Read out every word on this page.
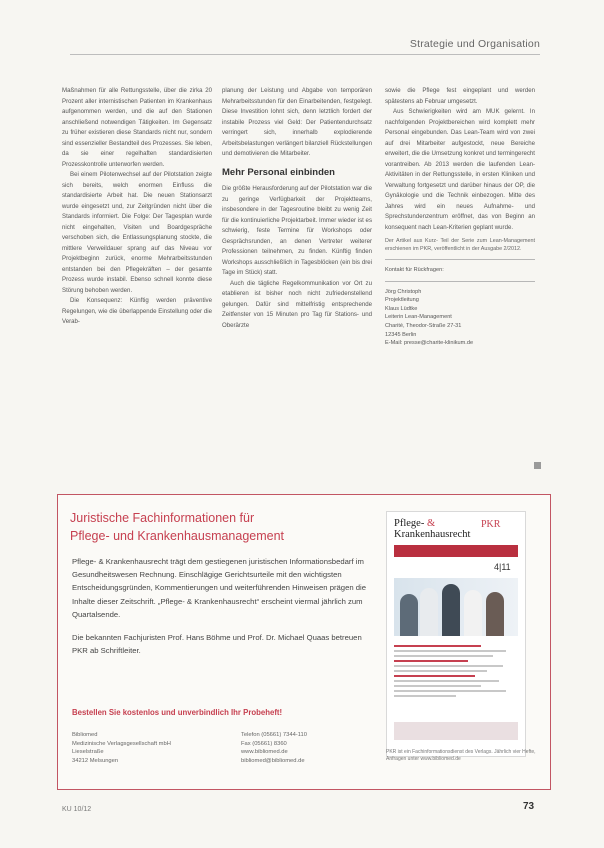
Strategie und Organisation

Maßnahmen für alle Rettungsstelle, über die zirka 20 Prozent aller internistischen Patienten im Krankenhaus aufgenommen werden, und die auf den Stationen anschließend notwendigen Tätigkeiten. Im Gegensatz zu früher existieren diese Standards nicht nur, sondern sind essenzieller Bestandteil des Prozesses. Sie leben, da sie einer regelhaften standardisierten Prozesskontrolle unterworfen werden.

Bei einem Pilotenwechsel auf der Pilotstation zeigte sich bereits, welch enormen Einfluss die standardisierte Arbeit hat. Die neuen Stationsarzt wurde eingesetzt und, zur Zeitgründen nicht über die Standards informiert. Die Folge: Der Tagesplan wurde nicht eingehalten, Visiten und Boardgespräche verschoben sich, die Entlassungsplanung stockte, die mittlere Verweildauer sprang auf das Niveau vor Projektbeginn zurück, enorme Mehrarbeitsstunden entstanden bei den Pflegekräften – der gesamte Prozess wurde instabil. Ebenso schnell konnte diese Störung behoben werden.

Die Konsequenz: Künftig werden präventive Regelungen, wie die überlappende Einstellung oder die Verab-

planung der Leistung und Abgabe von temporären Mehrarbeitsstunden für den Einarbeitenden, festgelegt. Diese Investition lohnt sich, denn letztlich fordert der instabile Prozess viel Geld: Der Patientendurchsatz verringert sich, innerhalb explodierende Arbeitsbelastungen verlängert bilanziell Rückstellungen und demotivieren die Mitarbeiter.

Mehr Personal einbinden

Die größte Herausforderung auf der Pilotstation war die zu geringe Verfügbarkeit der Projektteams, insbesondere in der Tagesroutine bleibt zu wenig Zeit für die kontinuierliche Projektarbeit. Immer wieder ist es schwierig, feste Termine für Workshops oder Gesprächsrunden, an denen Vertreter weiterer Professionen teilnehmen, zu finden. Künftig finden Workshops ausschließlich in Tagesblöcken (ein bis drei Tage im Stück) statt.

Auch die tägliche Regelkommunikation vor Ort zu etablieren ist bisher noch nicht zufriedenstellend gelungen. Dafür sind mittelfristig entsprechende Zeitfenster von 15 Minuten pro Tag für Stations- und Oberärzte

sowie die Pflege fest eingeplant und werden spätestens ab Februar umgesetzt.

Aus Schwierigkeiten wird am MUK gelernt. In nachfolgenden Projektbereichen wird komplett mehr Personal eingebunden. Das Lean-Team wird von zwei auf drei Mitarbeiter aufgestockt, neue Bereiche erweitert, die die Umsetzung konkret und termingerecht vorantreiben. Ab 2013 werden die laufenden Lean-Aktivitäten in der Rettungsstelle, in ersten Kliniken und Verwaltung fortgesetzt und darüber hinaus der OP, die Gynäkologie und die Technik einbezogen. Mitte des Jahres wird ein neues Aufnahme- und Sprechstundenzentrum eröffnet, das von Beginn an konsequent nach Lean-Kriterien geplant wurde.

Der Artikel aus Kurz- Teil der Serie zum Lean-Management erschienen im PKR, veröffentlicht in der Ausgabe 2/2012.
Kontakt für Rückfragen:
Jörg Christoph
Projektleitung
Klaus Lüdtke
Leiterin Lean-Management
Charité, Theodor-Straße 27-31
12345 Berlin
E-Mail: presse@charite-klinikum.de
Juristische Fachinformationen für
Pflege- und Krankenhausmanagement

Pflege- & Krankenhausrecht trägt dem gestiegenen juristischen Informationsbedarf im Gesundheitswesen Rechnung. Einschlägige Gerichtsurteile mit den wichtigsten Entscheidungsgründen, Kommentierungen und weiterführenden Hinweisen prägen die Inhalte dieser Zeitschrift. „Pflege- & Krankenhausrecht“ erscheint viermal jährlich zum Quartalsende.

Die bekannten Fachjuristen Prof. Hans Böhme und Prof. Dr. Michael Quaas betreuen PKR ab Schriftleiter.

Bestellen Sie kostenlos und unverbindlich Ihr Probeheft!
Bibliomed
Medizinische Verlagsgesellschaft mbH
Lieselstraße
34212 Melsungen
Telefon (05661) 7344-110
Fax (05661) 8360
www.bibliomed.de
bibliomed@bibliomed.de
Pflege- &
Krankenhausrecht
PKR
4|11
PKR ist ein Fachinformationsdienst des Verlags. Jährlich vier Hefte, Anfragen unter www.bibliomed.de
KU 10/12	73
